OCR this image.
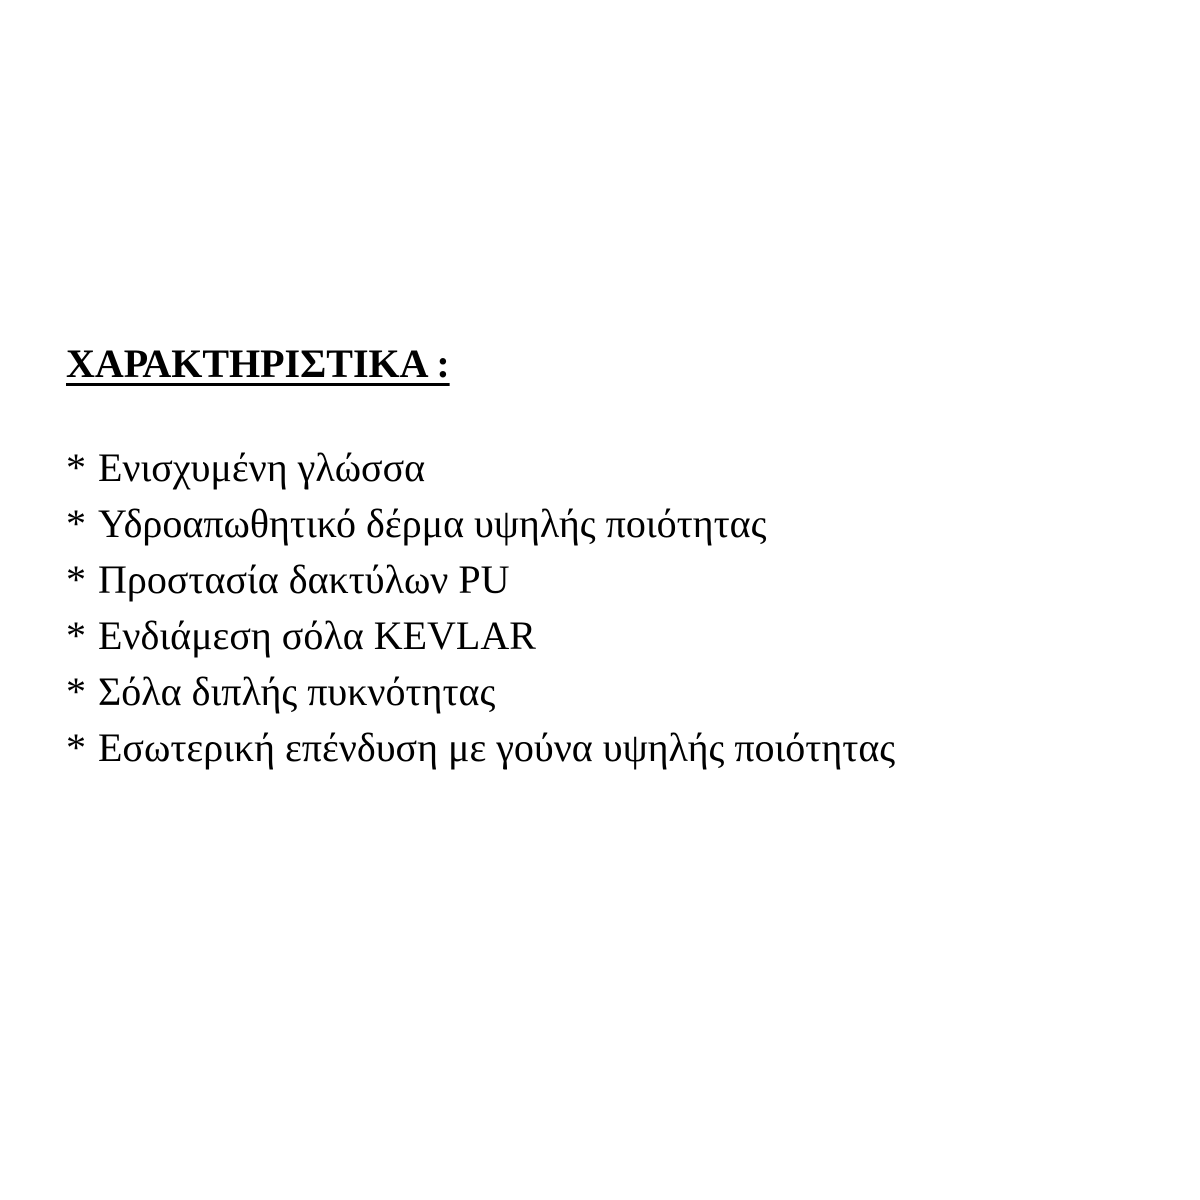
ΧΑΡΑΚΤΗΡΙΣΤΙΚΑ :
* Ενισχυμένη γλώσσα
* Υδροαπωθητικό δέρμα υψηλής ποιότητας
* Προστασία δακτύλων PU
* Ενδιάμεση σόλα KEVLAR
* Σόλα διπλής πυκνότητας
* Εσωτερική επένδυση με γούνα υψηλής ποιότητας
